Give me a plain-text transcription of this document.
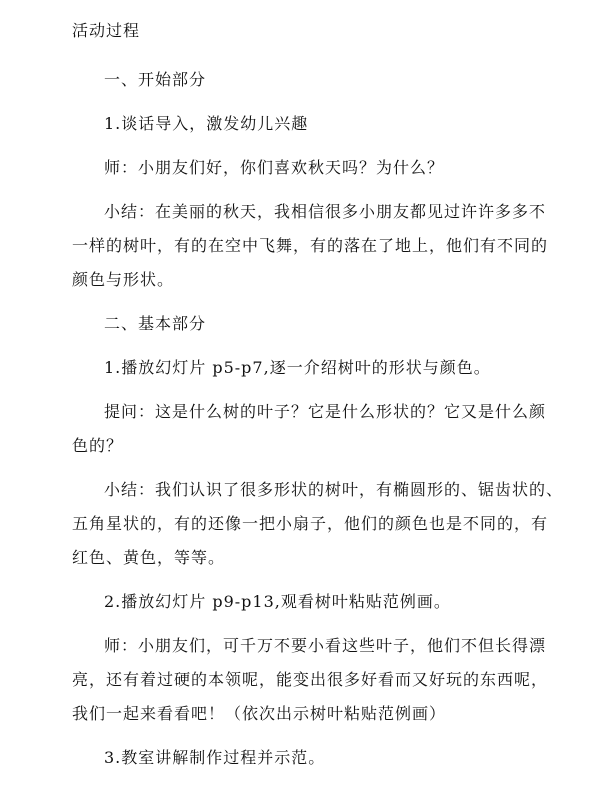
活动过程
一、开始部分
1.谈话导入，激发幼儿兴趣
师：小朋友们好，你们喜欢秋天吗？为什么？
小结：在美丽的秋天，我相信很多小朋友都见过许许多多不
一样的树叶，有的在空中飞舞，有的落在了地上，他们有不同的
颜色与形状。
二、基本部分
1.播放幻灯片 p5-p7,逐一介绍树叶的形状与颜色。
提问：这是什么树的叶子？它是什么形状的？它又是什么颜
色的？
小结：我们认识了很多形状的树叶，有椭圆形的、锯齿状的、
五角星状的，有的还像一把小扇子，他们的颜色也是不同的，有
红色、黄色，等等。
2.播放幻灯片 p9-p13,观看树叶粘贴范例画。
师：小朋友们，可千万不要小看这些叶子，他们不但长得漂
亮，还有着过硬的本领呢，能变出很多好看而又好玩的东西呢，
我们一起来看看吧！（依次出示树叶粘贴范例画）
3.教室讲解制作过程并示范。
